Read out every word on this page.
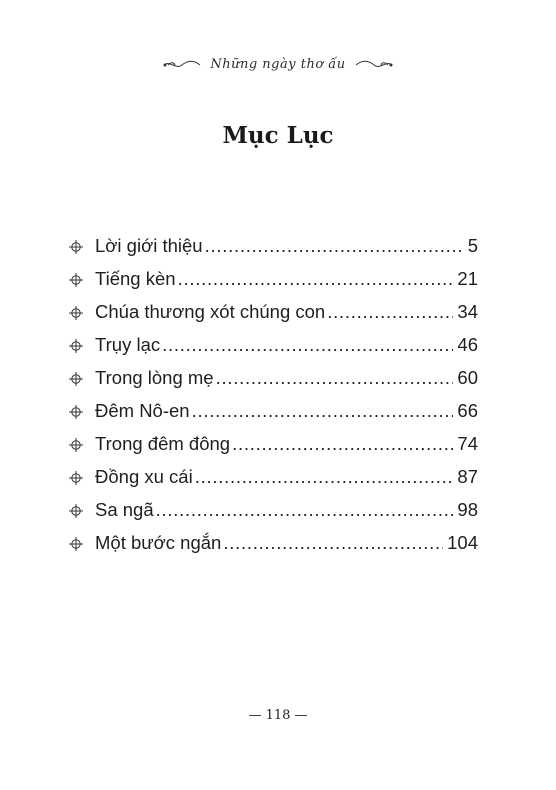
Những ngày thơ ấu
Mục Lục
Lời giới thiệu . . .	5
Tiếng kèn . . .	21
Chúa thương xót chúng con . . .	34
Trụy lạc . . .	46
Trong lòng mẹ . . .	60
Đêm Nô-en . . .	66
Trong đêm đông . . .	74
Đồng xu cái . . .	87
Sa ngã . . .	98
Một bước ngắn . . .	104
— 118 —
